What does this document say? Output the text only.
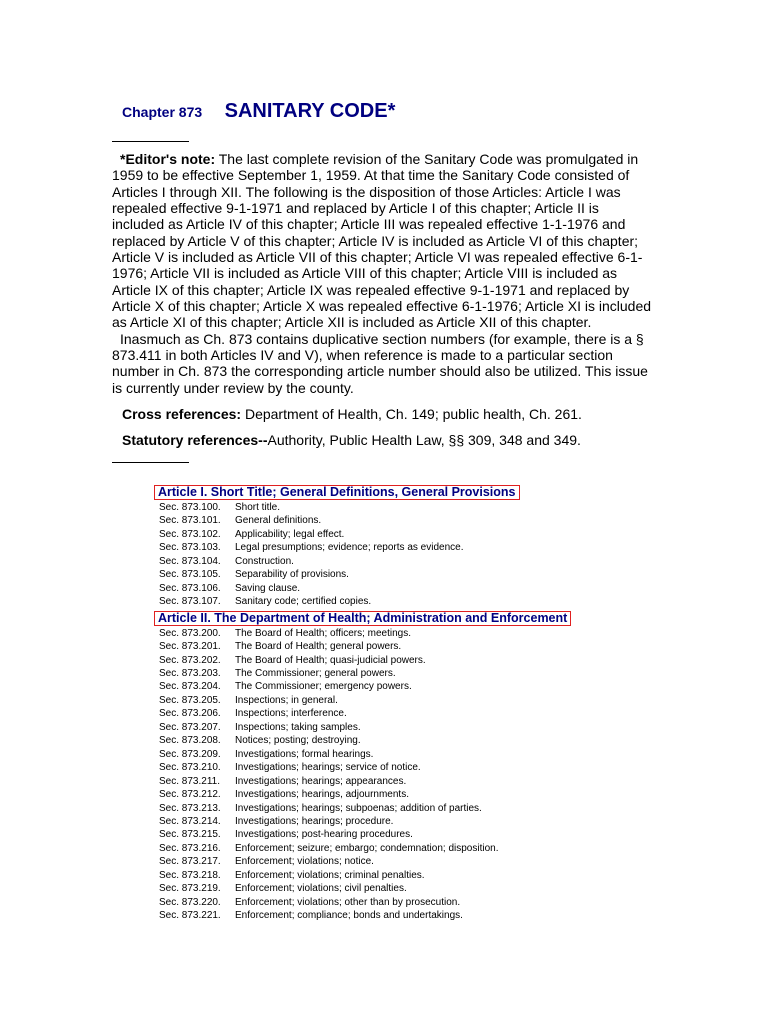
Chapter 873 SANITARY CODE*
*Editor's note: The last complete revision of the Sanitary Code was promulgated in 1959 to be effective September 1, 1959. At that time the Sanitary Code consisted of Articles I through XII. The following is the disposition of those Articles: Article I was repealed effective 9-1-1971 and replaced by Article I of this chapter; Article II is included as Article IV of this chapter; Article III was repealed effective 1-1-1976 and replaced by Article V of this chapter; Article IV is included as Article VI of this chapter; Article V is included as Article VII of this chapter; Article VI was repealed effective 6-1-1976; Article VII is included as Article VIII of this chapter; Article VIII is included as Article IX of this chapter; Article IX was repealed effective 9-1-1971 and replaced by Article X of this chapter; Article X was repealed effective 6-1-1976; Article XI is included as Article XI of this chapter; Article XII is included as Article XII of this chapter.
Inasmuch as Ch. 873 contains duplicative section numbers (for example, there is a § 873.411 in both Articles IV and V), when reference is made to a particular section number in Ch. 873 the corresponding article number should also be utilized. This issue is currently under review by the county.

Cross references: Department of Health, Ch. 149; public health, Ch. 261.

Statutory references--Authority, Public Health Law, §§ 309, 348 and 349.

Article I. Short Title; General Definitions, General Provisions
Sec. 873.100. Short title.
Sec. 873.101. General definitions.
Sec. 873.102. Applicability; legal effect.
Sec. 873.103. Legal presumptions; evidence; reports as evidence.
Sec. 873.104. Construction.
Sec. 873.105. Separability of provisions.
Sec. 873.106. Saving clause.
Sec. 873.107. Sanitary code; certified copies.
Article II. The Department of Health; Administration and Enforcement
Sec. 873.200. The Board of Health; officers; meetings.
Sec. 873.201. The Board of Health; general powers.
Sec. 873.202. The Board of Health; quasi-judicial powers.
Sec. 873.203. The Commissioner; general powers.
Sec. 873.204. The Commissioner; emergency powers.
Sec. 873.205. Inspections; in general.
Sec. 873.206. Inspections; interference.
Sec. 873.207. Inspections; taking samples.
Sec. 873.208. Notices; posting; destroying.
Sec. 873.209. Investigations; formal hearings.
Sec. 873.210. Investigations; hearings; service of notice.
Sec. 873.211. Investigations; hearings; appearances.
Sec. 873.212. Investigations; hearings, adjournments.
Sec. 873.213. Investigations; hearings; subpoenas; addition of parties.
Sec. 873.214. Investigations; hearings; procedure.
Sec. 873.215. Investigations; post-hearing procedures.
Sec. 873.216. Enforcement; seizure; embargo; condemnation; disposition.
Sec. 873.217. Enforcement; violations; notice.
Sec. 873.218. Enforcement; violations; criminal penalties.
Sec. 873.219. Enforcement; violations; civil penalties.
Sec. 873.220. Enforcement; violations; other than by prosecution.
Sec. 873.221. Enforcement; compliance; bonds and undertakings.
